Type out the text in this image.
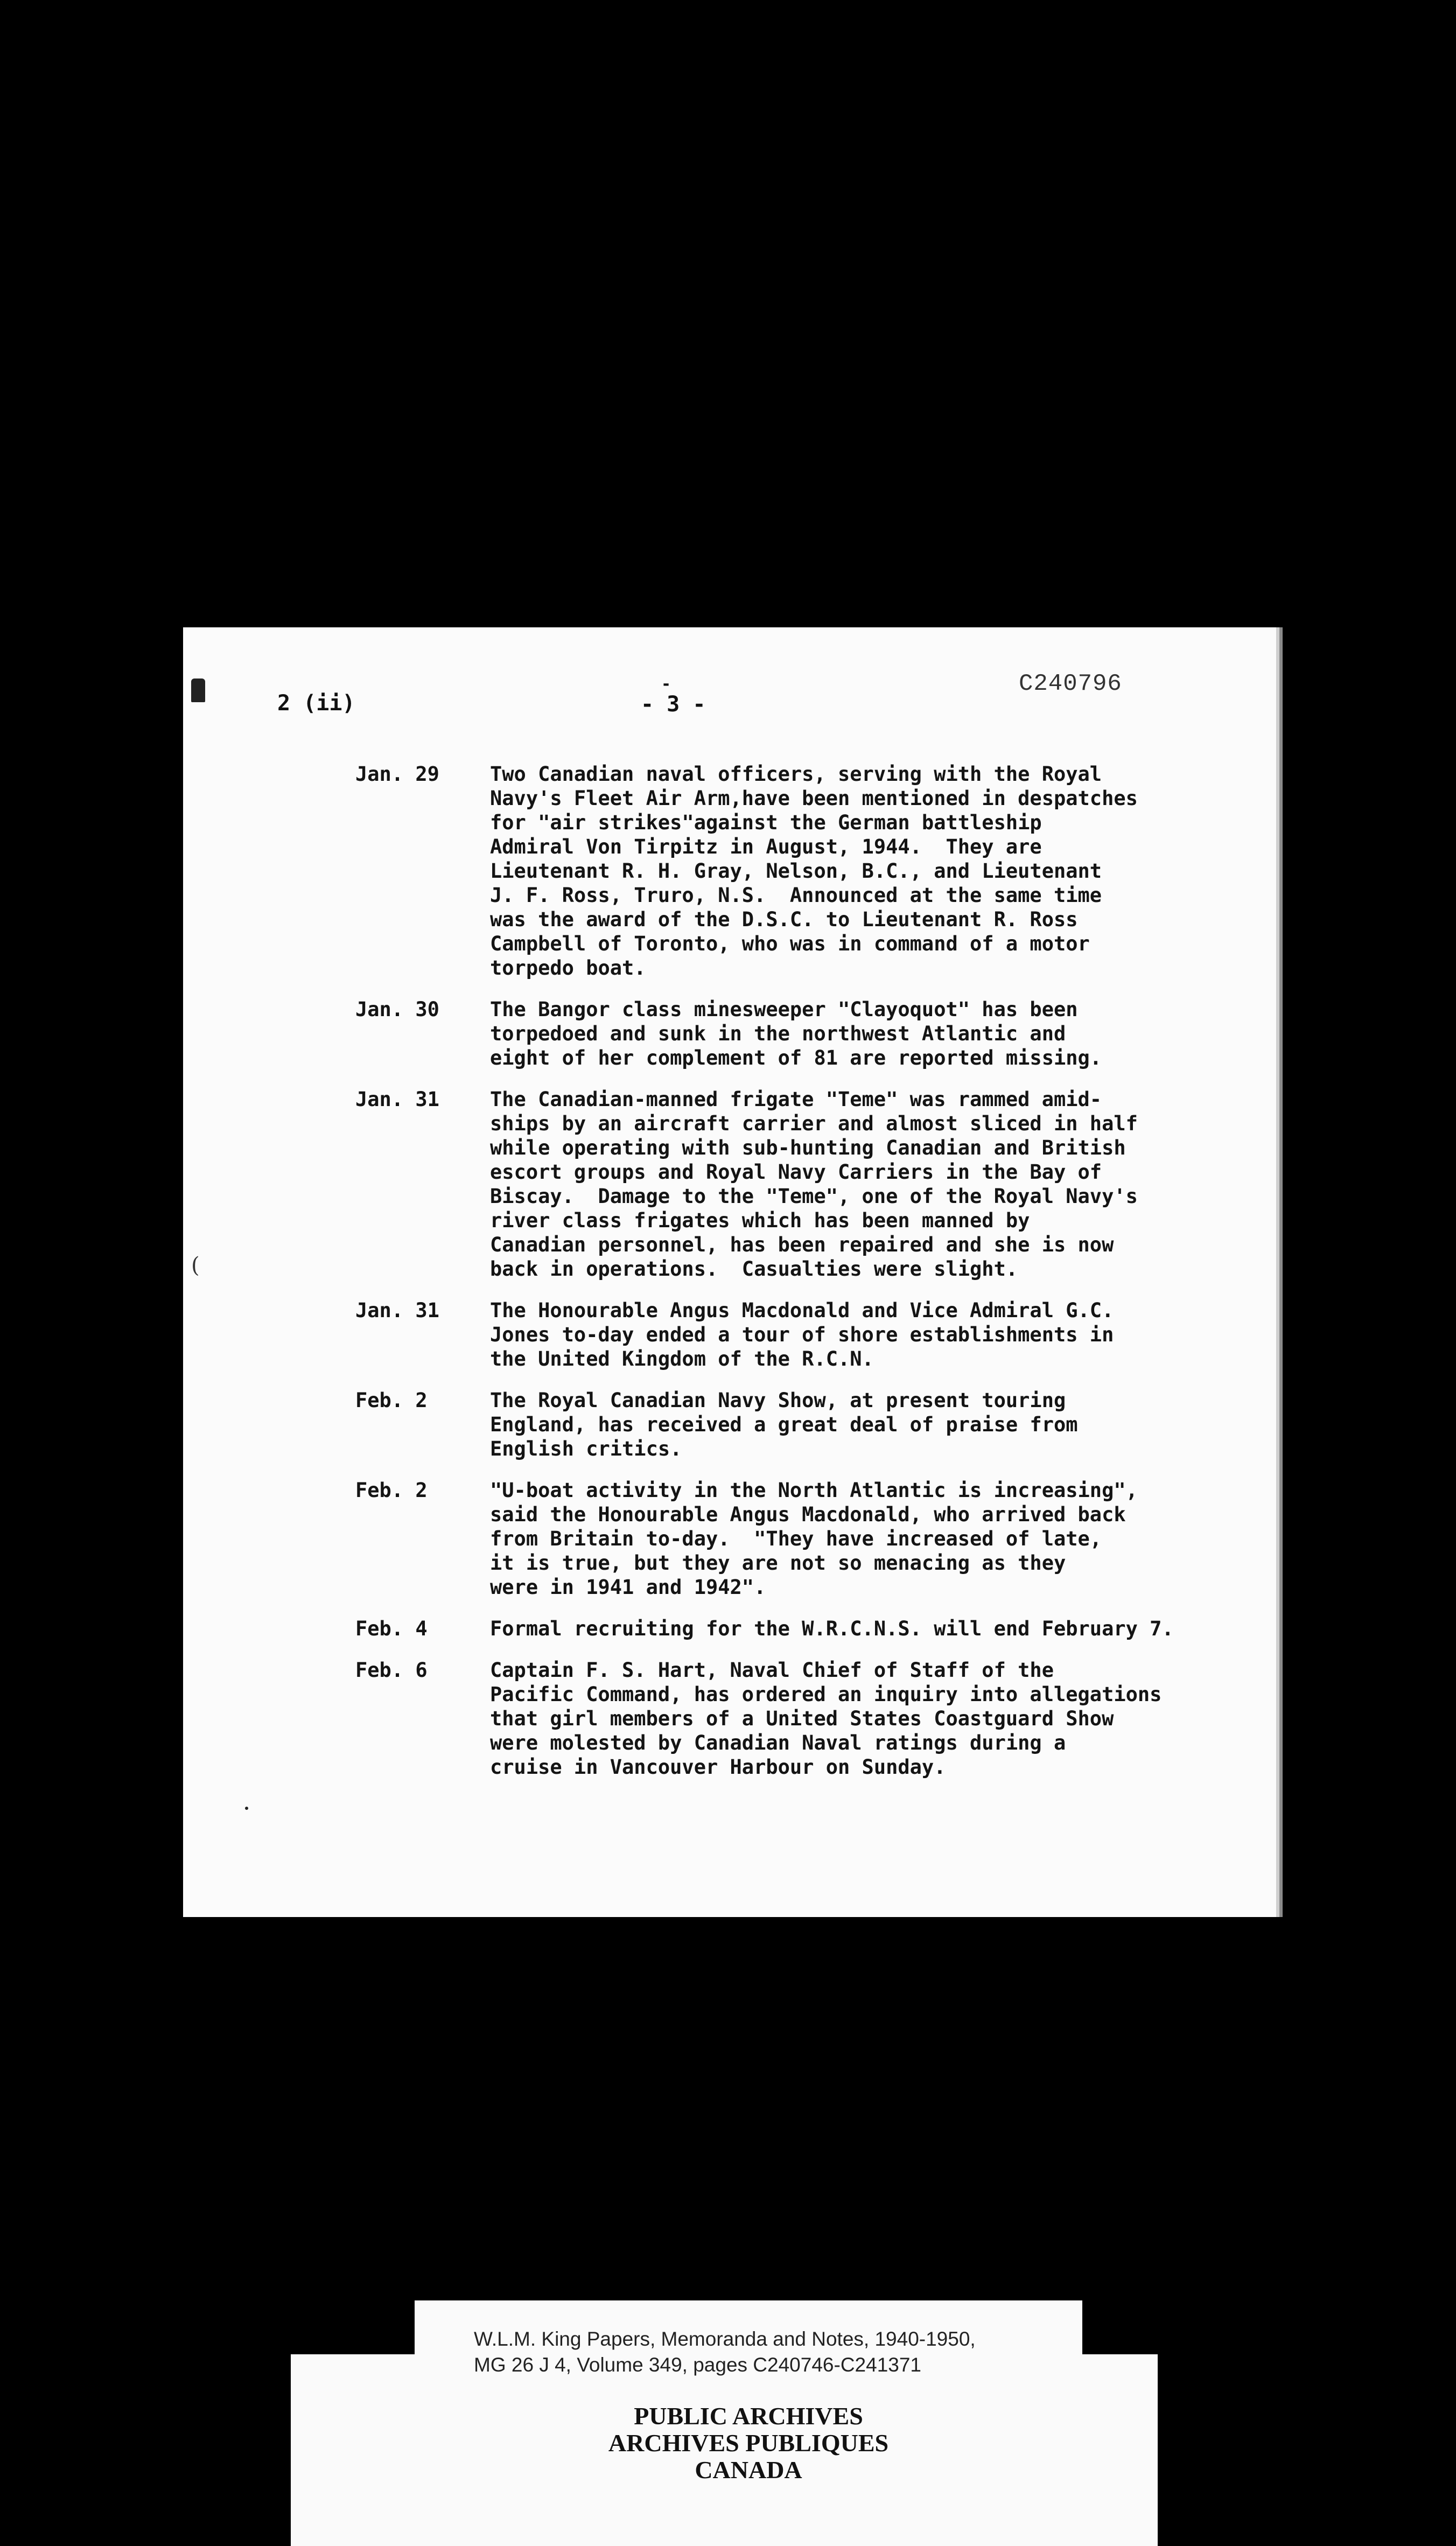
(
2 (ii)
-
- 3 -
C240796
Jan. 29	Two Canadian naval officers, serving with the Royal
Navy's Fleet Air Arm,have been mentioned in despatches
for "air strikes"against the German battleship
Admiral Von Tirpitz in August, 1944.  They are
Lieutenant R. H. Gray, Nelson, B.C., and Lieutenant
J. F. Ross, Truro, N.S.  Announced at the same time
was the award of the D.S.C. to Lieutenant R. Ross
Campbell of Toronto, who was in command of a motor
torpedo boat.
Jan. 30	The Bangor class minesweeper "Clayoquot" has been
torpedoed and sunk in the northwest Atlantic and
eight of her complement of 81 are reported missing.
Jan. 31	The Canadian-manned frigate "Teme" was rammed amid-
ships by an aircraft carrier and almost sliced in half
while operating with sub-hunting Canadian and British
escort groups and Royal Navy Carriers in the Bay of
Biscay.  Damage to the "Teme", one of the Royal Navy's
river class frigates which has been manned by
Canadian personnel, has been repaired and she is now
back in operations.  Casualties were slight.
Jan. 31	The Honourable Angus Macdonald and Vice Admiral G.C.
Jones to-day ended a tour of shore establishments in
the United Kingdom of the R.C.N.
Feb. 2	The Royal Canadian Navy Show, at present touring
England, has received a great deal of praise from
English critics.
Feb. 2	"U-boat activity in the North Atlantic is increasing",
said the Honourable Angus Macdonald, who arrived back
from Britain to-day.  "They have increased of late,
it is true, but they are not so menacing as they
were in 1941 and 1942".
Feb. 4	Formal recruiting for the W.R.C.N.S. will end February 7.
Feb. 6	Captain F. S. Hart, Naval Chief of Staff of the
Pacific Command, has ordered an inquiry into allegations
that girl members of a United States Coastguard Show
were molested by Canadian Naval ratings during a
cruise in Vancouver Harbour on Sunday.
W.L.M. King Papers, Memoranda and Notes, 1940-1950,
MG 26 J 4, Volume 349, pages C240746-C241371
PUBLIC ARCHIVES
ARCHIVES PUBLIQUES
CANADA
